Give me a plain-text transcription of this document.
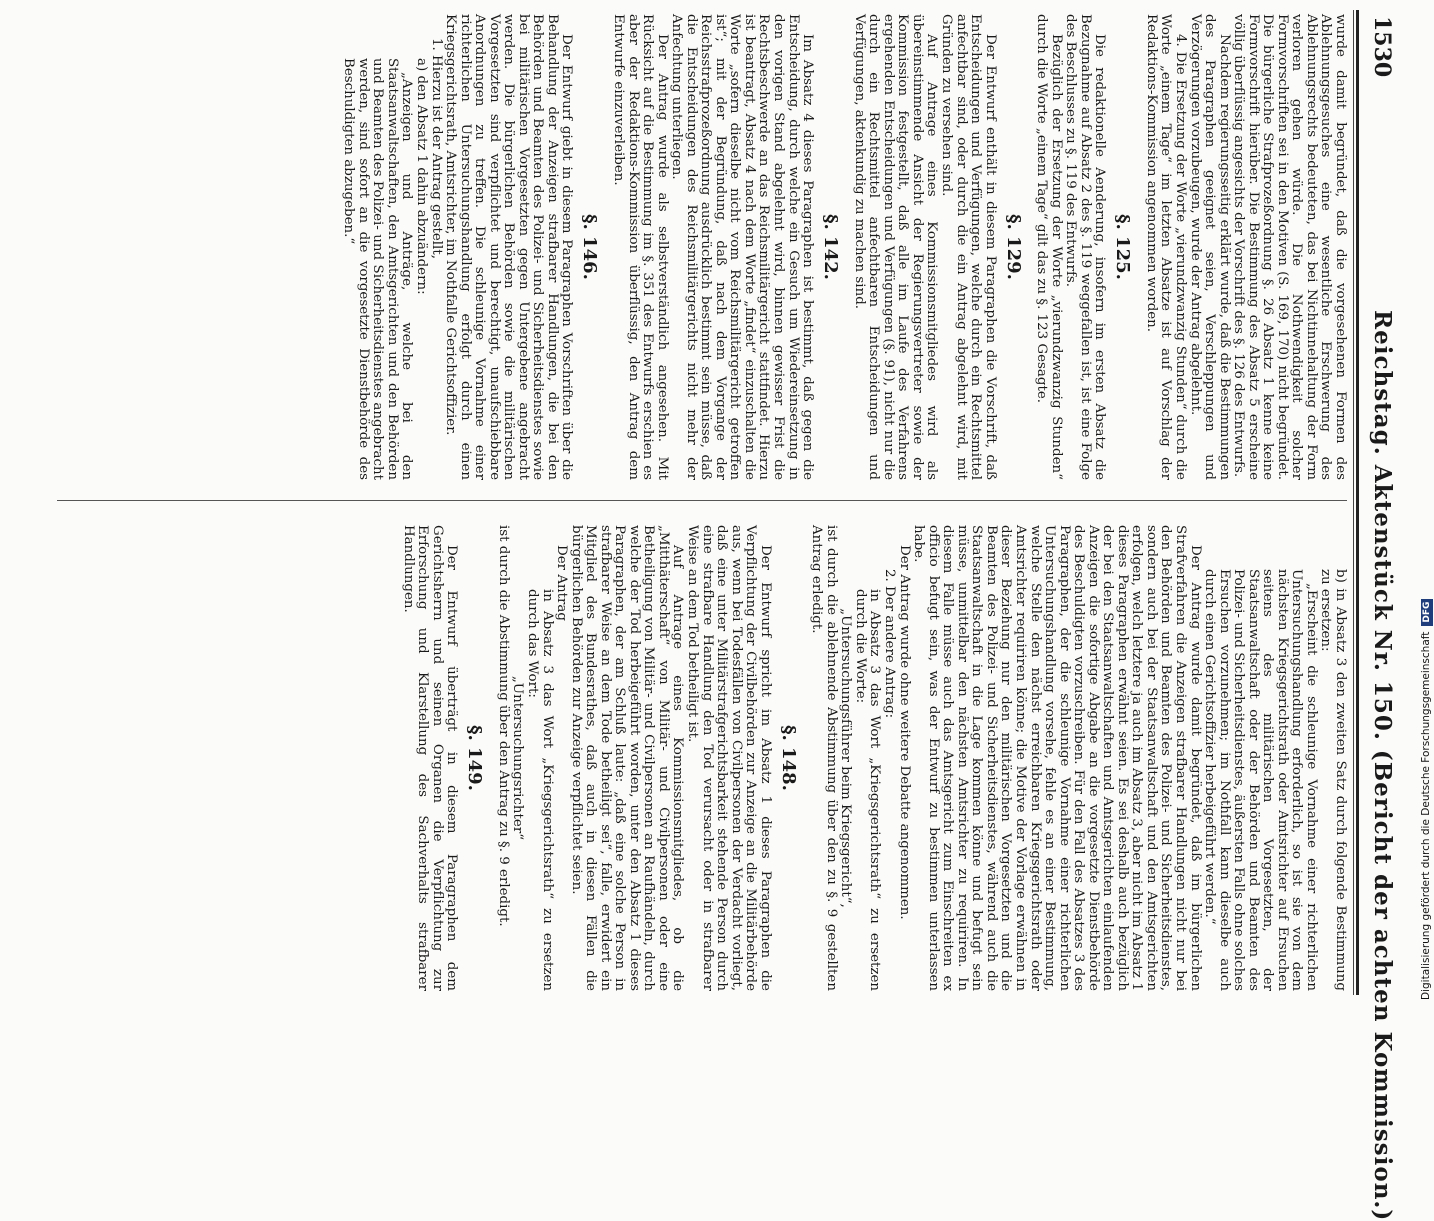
1530
Reichstag. Aktenstück Nr. 150. (Bericht der achten Kommission.)

wurde damit begründet, daß die vorgesehenen Formen des Ablehnungsgesuches eine wesentliche Erschwerung des Ablehnungsrechts bedeuteten, das bei Nichtinnehaltung der Form verloren gehen würde. Die Nothwendigkeit solcher Formvorschriften sei in den Motiven (S. 169, 170) nicht begründet. Die bürgerliche Strafprozeßordnung §. 26 Absatz 1 kenne keine Formvorschrift hierüber. Die Bestimmung des Absatz 5 erscheine völlig überflüssig angesichts der Vorschrift des §. 126 des Entwurfs.

Nachdem regierungsseitig erklärt wurde, daß die Bestimmungen des Paragraphen geeignet seien, Verschleppungen und Verzögerungen vorzubeugen, wurde der Antrag abgelehnt.

4. Die Ersetzung der Worte „vierundzwanzig Stunden“ durch die Worte „einem Tage“ im letzten Absatze ist auf Vorschlag der Redaktions-Kommission angenommen worden.

§. 125.

Die redaktionelle Aenderung, insofern im ersten Absatz die Bezugnahme auf Absatz 2 des §. 119 weggefallen ist, ist eine Folge des Beschlusses zu §. 119 des Entwurfs.

Bezüglich der Ersetzung der Worte „vierundzwanzig Stunden“ durch die Worte „einem Tage“ gilt das zu §. 123 Gesagte.

§. 129.

Der Entwurf enthält in diesem Paragraphen die Vorschrift, daß Entscheidungen und Verfügungen, welche durch ein Rechtsmittel anfechtbar sind, oder durch die ein Antrag abgelehnt wird, mit Gründen zu versehen sind.

Auf Antrage eines Kommissionsmitgliedes wird als übereinstimmende Ansicht der Regierungsvertreter sowie der Kommission festgestellt, daß alle im Laufe des Verfahrens ergehenden Entscheidungen und Verfügungen (§. 91), nicht nur die durch ein Rechtsmittel anfechtbaren Entscheidungen und Verfügungen, aktenkundig zu machen sind.

§. 142.

Im Absatz 4 dieses Paragraphen ist bestimmt, daß gegen die Entscheidung, durch welche ein Gesuch um Wiedereinsetzung in den vorigen Stand abgelehnt wird, binnen gewisser Frist die Rechtsbeschwerde an das Reichsmilitärgericht stattfindet. Hierzu ist beantragt, Absatz 4 nach dem Worte „findet“ einzuschalten die Worte „sofern dieselbe nicht vom Reichsmilitärgericht getroffen ist“; mit der Begründung, daß nach dem Vorgange der Reichsstrafprozeßordnung ausdrücklich bestimmt sein müsse, daß die Entscheidungen des Reichsmilitärgerichts nicht mehr der Anfechtung unterliegen.

Der Antrag wurde als selbstverständlich angesehen. Mit Rücksicht auf die Bestimmung im §. 351 des Entwurfs erschien es aber der Redaktions-Kommission überflüssig, den Antrag dem Entwurfe einzuverleiben.

§. 146.

Der Entwurf giebt in diesem Paragraphen Vorschriften über die Behandlung der Anzeigen strafbarer Handlungen, die bei den Behörden und Beamten des Polizei- und Sicherheitsdienstes sowie bei militärischen Vorgesetzten gegen Untergebene angebracht werden. Die bürgerlichen Behörden sowie die militärischen Vorgesetzten sind verpflichtet und berechtigt, unaufschiebbare Anordnungen zu treffen. Die schleunige Vornahme einer richterlichen Untersuchungshandlung erfolgt durch einen Kriegsgerichtsrath, Amtsrichter, im Nothfalle Gerichtsoffizier.

1. Hierzu ist der Antrag gestellt,

a) den Absatz 1 dahin abzuändern:

„Anzeigen und Anträge, welche bei den Staatsanwaltschaften, den Amtsgerichten und den Behörden und Beamten des Polizei- und Sicherheitsdienstes angebracht werden, sind sofort an die vorgesetzte Dienstbehörde des Beschuldigten abzugeben.“

b) in Absatz 3 den zweiten Satz durch folgende Bestimmung zu ersetzen:

„Erscheint die schleunige Vornahme einer richterlichen Untersuchungshandlung erforderlich, so ist sie von dem nächsten Kriegsgerichtsrath oder Amtsrichter auf Ersuchen seitens des militärischen Vorgesetzten, der Staatsanwaltschaft oder der Behörden und Beamten des Polizei- und Sicherheitsdienstes, äußersten Falls ohne solches Ersuchen vorzunehmen; im Nothfall kann dieselbe auch durch einen Gerichtsoffizier herbeigeführt werden.“

Der Antrag wurde damit begründet, daß im bürgerlichen Strafverfahren die Anzeigen strafbarer Handlungen nicht nur bei den Behörden und Beamten des Polizei- und Sicherheitsdienstes, sondern auch bei der Staatsanwaltschaft und den Amtsgerichten erfolgen, welch letztere ja auch im Absatz 3, aber nicht im Absatz 1 dieses Paragraphen erwähnt seien. Es sei deshalb auch bezüglich der bei den Staatsanwaltschaften und Amtsgerichten einlaufenden Anzeigen die sofortige Abgabe an die vorgesetzte Dienstbehörde des Beschuldigten vorzuschreiben. Für den Fall des Absatzes 3 des Paragraphen, der die schleunige Vornahme einer richterlichen Untersuchungshandlung vorsehe, fehle es an einer Bestimmung, welche Stelle den nächst erreichbaren Kriegsgerichtsrath oder Amtsrichter requiriren könne; die Motive der Vorlage erwähnen in dieser Beziehung nur den militärischen Vorgesetzten und die Beamten des Polizei- und Sicherheitsdienstes, während auch die Staatsanwaltschaft in die Lage kommen könne und befugt sein müsse, unmittelbar den nächsten Amtsrichter zu requiriren. In diesem Falle müsse auch das Amtsgericht zum Einschreiten ex officio befugt sein, was der Entwurf zu bestimmen unterlassen habe.

Der Antrag wurde ohne weitere Debatte angenommen.

2. Der andere Antrag:

in Absatz 3 das Wort „Kriegsgerichtsrath“ zu ersetzen durch die Worte:

„Untersuchungsführer beim Kriegsgericht“,

ist durch die ablehnende Abstimmung über den zu §. 9 gestellten Antrag erledigt.

§. 148.

Der Entwurf spricht im Absatz 1 dieses Paragraphen die Verpflichtung der Civilbehörden zur Anzeige an die Militärbehörde aus, wenn bei Todesfällen von Civilpersonen der Verdacht vorliegt, daß eine unter Militärstrafgerichtsbarkeit stehende Person durch eine strafbare Handlung den Tod verursacht oder in strafbarer Weise an dem Tod betheiligt ist.

Auf Antrage eines Kommissionsmitgliedes, ob die „Mitthäterschaft“ von Militär- und Civilpersonen oder eine Betheiligung von Militär- und Civilpersonen an Raufhändeln, durch welche der Tod herbeigeführt worden, unter den Absatz 1 dieses Paragraphen, der am Schluß laute: „daß eine solche Person in strafbarer Weise an dem Tode betheiligt sei“, falle, erwidert ein Mitglied des Bundesrathes, daß auch in diesen Fällen die bürgerlichen Behörden zur Anzeige verpflichtet seien.

Der Antrag

in Absatz 3 das Wort „Kriegsgerichtsrath“ zu ersetzen durch das Wort:

„Untersuchungsrichter“

ist durch die Abstimmung über den Antrag zu §. 9 erledigt.

§. 149.

Der Entwurf überträgt in diesem Paragraphen dem Gerichtsherrn und seinen Organen die Verpflichtung zur Erforschung und Klarstellung des Sachverhalts strafbarer Handlungen.

Digitalisierung gefördert durch die Deutsche ForschungsgemeinschaftDFG
